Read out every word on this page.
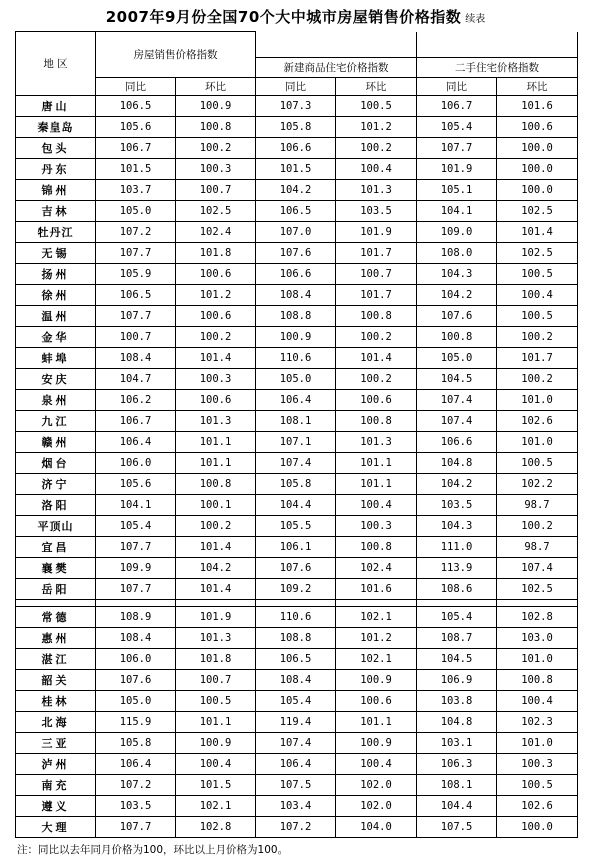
2007年9月份全国70个大中城市房屋销售价格指数 续表
地 区	房屋销售价格指数					
			新建商品住宅价格指数		二手住宅价格指数	
	同比	环比	同比	环比	同比	环比
唐山	106.5	100.9	107.3	100.5	106.7	101.6
秦皇岛	105.6	100.8	105.8	101.2	105.4	100.6
包头	106.7	100.2	106.6	100.2	107.7	100.0
丹东	101.5	100.3	101.5	100.4	101.9	100.0
锦州	103.7	100.7	104.2	101.3	105.1	100.0
吉林	105.0	102.5	106.5	103.5	104.1	102.5
牡丹江	107.2	102.4	107.0	101.9	109.0	101.4
无锡	107.7	101.8	107.6	101.7	108.0	102.5
扬州	105.9	100.6	106.6	100.7	104.3	100.5
徐州	106.5	101.2	108.4	101.7	104.2	100.4
温州	107.7	100.6	108.8	100.8	107.6	100.5
金华	100.7	100.2	100.9	100.2	100.8	100.2
蚌埠	108.4	101.4	110.6	101.4	105.0	101.7
安庆	104.7	100.3	105.0	100.2	104.5	100.2
泉州	106.2	100.6	106.4	100.6	107.4	101.0
九江	106.7	101.3	108.1	100.8	107.4	102.6
赣州	106.4	101.1	107.1	101.3	106.6	101.0
烟台	106.0	101.1	107.4	101.1	104.8	100.5
济宁	105.6	100.8	105.8	101.1	104.2	102.2
洛阳	104.1	100.1	104.4	100.4	103.5	98.7
平顶山	105.4	100.2	105.5	100.3	104.3	100.2
宜昌	107.7	101.4	106.1	100.8	111.0	98.7
襄樊	109.9	104.2	107.6	102.4	113.9	107.4
岳阳	107.7	101.4	109.2	101.6	108.6	102.5

常德	108.9	101.9	110.6	102.1	105.4	102.8
惠州	108.4	101.3	108.8	101.2	108.7	103.0
湛江	106.0	101.8	106.5	102.1	104.5	101.0
韶关	107.6	100.7	108.4	100.9	106.9	100.8
桂林	105.0	100.5	105.4	100.6	103.8	100.4
北海	115.9	101.1	119.4	101.1	104.8	102.3
三亚	105.8	100.9	107.4	100.9	103.1	101.0
泸州	106.4	100.4	106.4	100.4	106.3	100.3
南充	107.2	101.5	107.5	102.0	108.1	100.5
遵义	103.5	102.1	103.4	102.0	104.4	102.6
大理	107.7	102.8	107.2	104.0	107.5	100.0
注：同比以去年同月价格为100，环比以上月价格为100。
